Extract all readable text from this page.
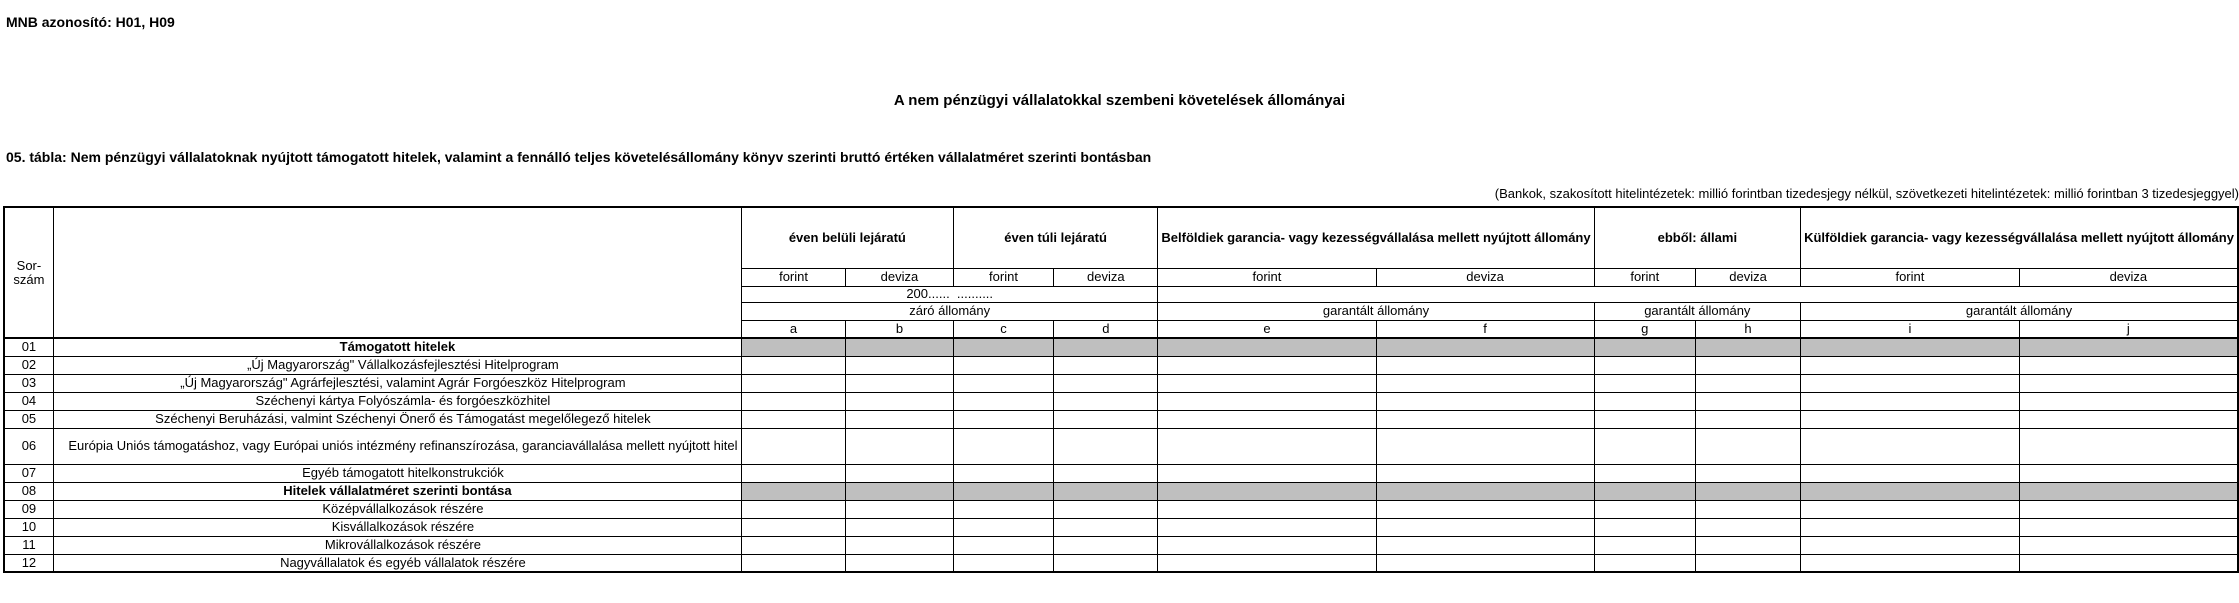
MNB azonosító: H01, H09
A nem pénzügyi vállalatokkal szembeni követelések állományai
05. tábla: Nem pénzügyi vállalatoknak nyújtott támogatott hitelek, valamint a fennálló teljes követelésállomány könyv szerinti bruttó értéken vállalatméret szerinti bontásban
(Bankok, szakosított hitelintézetek: millió forintban tizedesjegy nélkül, szövetkezeti hitelintézetek: millió forintban 3 tizedesjeggyel)
Sor-
szám		éven belüli lejáratú		éven túli lejáratú		Belföldiek garancia- vagy kezességvállalása mellett nyújtott állomány		ebből: állami		Külföldiek garancia- vagy kezességvállalása mellett nyújtott állomány	
		forint	deviza	forint	deviza	forint	deviza	forint	deviza	forint	deviza
		200......  ..........									
		záró állomány				garantált állomány		garantált állomány		garantált állomány	
		a	b	c	d	e	f	g	h	i	j
01	Támogatott hitelek										
02	„Új Magyarország" Vállalkozásfejlesztési Hitelprogram										
03	„Új Magyarország" Agrárfejlesztési, valamint Agrár Forgóeszköz Hitelprogram										
04	Széchenyi kártya Folyószámla- és forgóeszközhitel										
05	Széchenyi Beruházási, valmint Széchenyi Önerő és Támogatást megelőlegező hitelek										
06	Európia Uniós támogatáshoz, vagy Európai uniós intézmény refinanszírozása, garanciavállalása mellett nyújtott hitel										
07	Egyéb támogatott hitelkonstrukciók										
08	Hitelek vállalatméret szerinti bontása										
09	Középvállalkozások részére										
10	Kisvállalkozások részére										
11	Mikrovállalkozások részére										
12	Nagyvállalatok és egyéb vállalatok részére										
